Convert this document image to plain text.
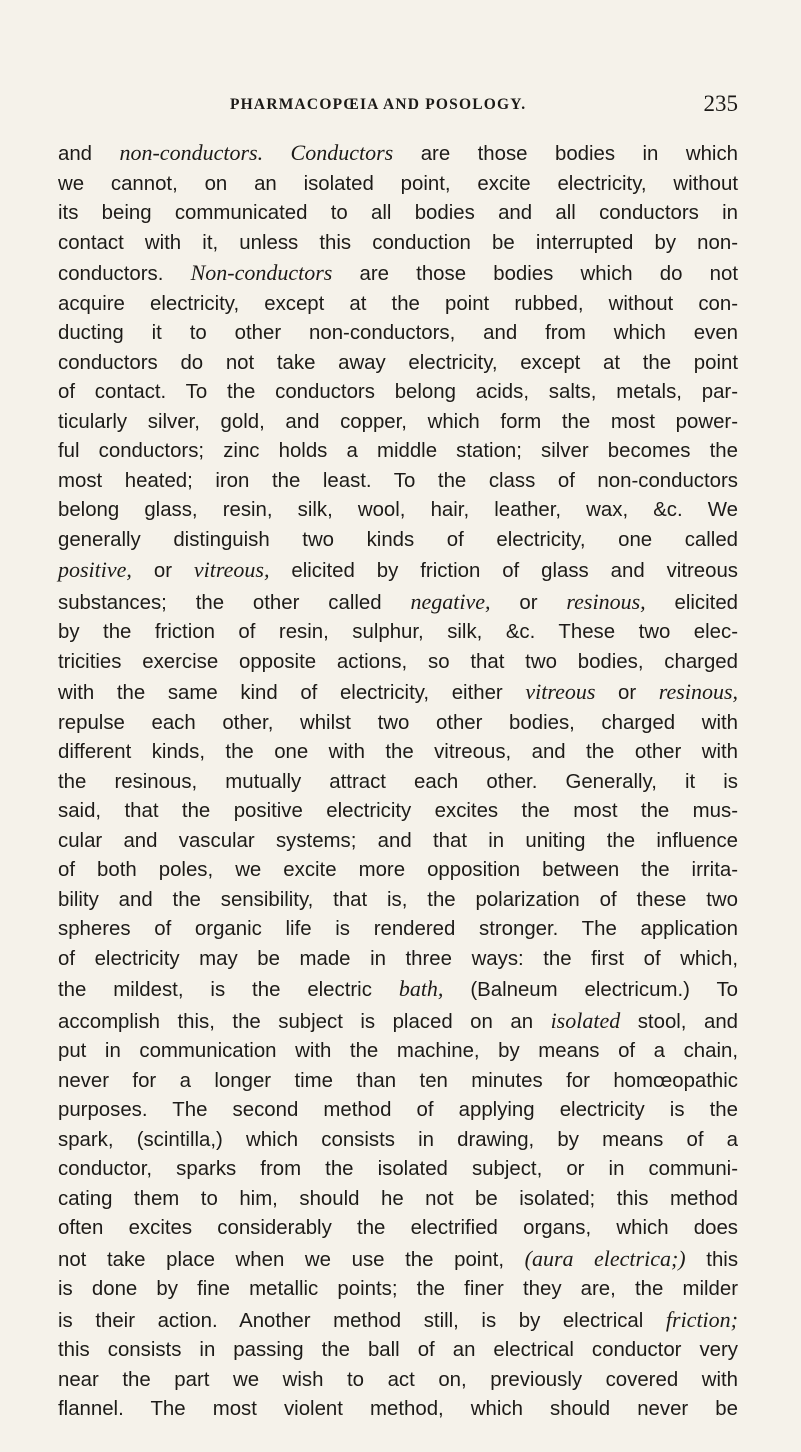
PHARMACOPŒIA AND POSOLOGY.	235
and non-conductors. Conductors are those bodies in which
we cannot, on an isolated point, excite electricity, without
its being communicated to all bodies and all conductors in
contact with it, unless this conduction be interrupted by non-
conductors. Non-conductors are those bodies which do not
acquire electricity, except at the point rubbed, without con-
ducting it to other non-conductors, and from which even
conductors do not take away electricity, except at the point
of contact. To the conductors belong acids, salts, metals, par-
ticularly silver, gold, and copper, which form the most power-
ful conductors; zinc holds a middle station; silver becomes the
most heated; iron the least. To the class of non-conductors
belong glass, resin, silk, wool, hair, leather, wax, &c. We
generally distinguish two kinds of electricity, one called
positive, or vitreous, elicited by friction of glass and vitreous
substances; the other called negative, or resinous, elicited
by the friction of resin, sulphur, silk, &c. These two elec-
tricities exercise opposite actions, so that two bodies, charged
with the same kind of electricity, either vitreous or resinous,
repulse each other, whilst two other bodies, charged with
different kinds, the one with the vitreous, and the other with
the resinous, mutually attract each other. Generally, it is
said, that the positive electricity excites the most the mus-
cular and vascular systems; and that in uniting the influence
of both poles, we excite more opposition between the irrita-
bility and the sensibility, that is, the polarization of these two
spheres of organic life is rendered stronger. The application
of electricity may be made in three ways: the first of which,
the mildest, is the electric bath, (Balneum electricum.) To
accomplish this, the subject is placed on an isolated stool, and
put in communication with the machine, by means of a chain,
never for a longer time than ten minutes for homœopathic
purposes. The second method of applying electricity is the
spark, (scintilla,) which consists in drawing, by means of a
conductor, sparks from the isolated subject, or in communi-
cating them to him, should he not be isolated; this method
often excites considerably the electrified organs, which does
not take place when we use the point, (aura electrica;) this
is done by fine metallic points; the finer they are, the milder
is their action. Another method still, is by electrical friction;
this consists in passing the ball of an electrical conductor very
near the part we wish to act on, previously covered with
flannel. The most violent method, which should never be
